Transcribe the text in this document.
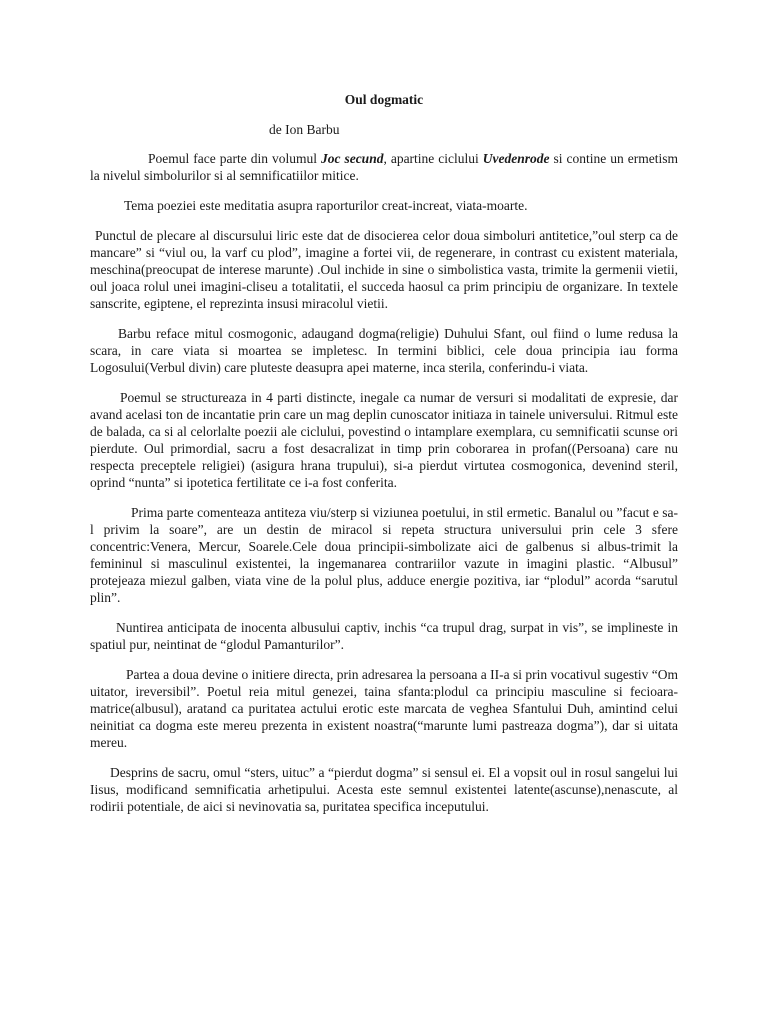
Oul dogmatic
de Ion Barbu

Poemul face parte din volumul Joc secund, apartine ciclului Uvedenrode si contine un ermetism la nivelul simbolurilor si al semnificatiilor mitice.

Tema poeziei este meditatia asupra raporturilor creat-increat, viata-moarte.

Punctul de plecare al discursului liric este dat de disocierea celor doua simboluri antitetice,”oul sterp ca de mancare” si “viul ou, la varf cu plod”, imagine a fortei vii, de regenerare, in contrast cu existent materiala, meschina(preocupat de interese marunte) .Oul inchide in sine o simbolistica vasta, trimite la germenii vietii, oul joaca rolul unei imagini-cliseu a totalitatii, el succeda haosul ca prim principiu de organizare. In textele sanscrite, egiptene, el reprezinta insusi miracolul vietii.

Barbu reface mitul cosmogonic, adaugand dogma(religie) Duhului Sfant, oul fiind o lume redusa la scara, in care viata si moartea se impletesc. In termini biblici, cele doua principia iau forma Logosului(Verbul divin) care pluteste deasupra apei materne, inca sterila, conferindu-i viata.

Poemul se structureaza in 4 parti distincte, inegale ca numar de versuri si modalitati de expresie, dar avand acelasi ton de incantatie prin care un mag deplin cunoscator initiaza in tainele universului. Ritmul este de balada, ca si al celorlalte poezii ale ciclului, povestind o intamplare exemplara, cu semnificatii scunse ori pierdute. Oul primordial, sacru a fost desacralizat in timp prin coborarea in profan((Persoana) care nu respecta preceptele religiei) (asigura hrana trupului), si-a pierdut virtutea cosmogonica, devenind steril, oprind “nunta” si ipotetica fertilitate ce i-a fost conferita.

Prima parte comenteaza antiteza viu/sterp si viziunea poetului, in stil ermetic. Banalul ou ”facut e sa-l privim la soare”, are un destin de miracol si repeta structura universului prin cele 3 sfere concentric:Venera, Mercur, Soarele.Cele doua principii-simbolizate aici de galbenus si albus-trimit la femininul si masculinul existentei, la ingemanarea contrariilor vazute in imagini plastic. “Albusul” protejeaza miezul galben, viata vine de la polul plus, adduce energie pozitiva, iar “plodul” acorda “sarutul plin”.

Nuntirea anticipata de inocenta albusului captiv, inchis “ca trupul drag, surpat in vis”, se implineste in spatiul pur, neintinat de “glodul Pamanturilor”.

Partea a doua devine o initiere directa, prin adresarea la persoana a II-a si prin vocativul sugestiv “Om uitator, ireversibil”. Poetul reia mitul genezei, taina sfanta:plodul ca principiu masculine si fecioara-matrice(albusul), aratand ca puritatea actului erotic este marcata de veghea Sfantului Duh, amintind celui neinitiat ca dogma este mereu prezenta in existent noastra(“marunte lumi pastreaza dogma”), dar si uitata mereu.

Desprins de sacru, omul “sters, uituc” a “pierdut dogma” si sensul ei. El a vopsit oul in rosul sangelui lui Iisus, modificand semnificatia arhetipului. Acesta este semnul existentei latente(ascunse),nenascute, al rodirii potentiale, de aici si nevinovatia sa, puritatea specifica inceputului.
